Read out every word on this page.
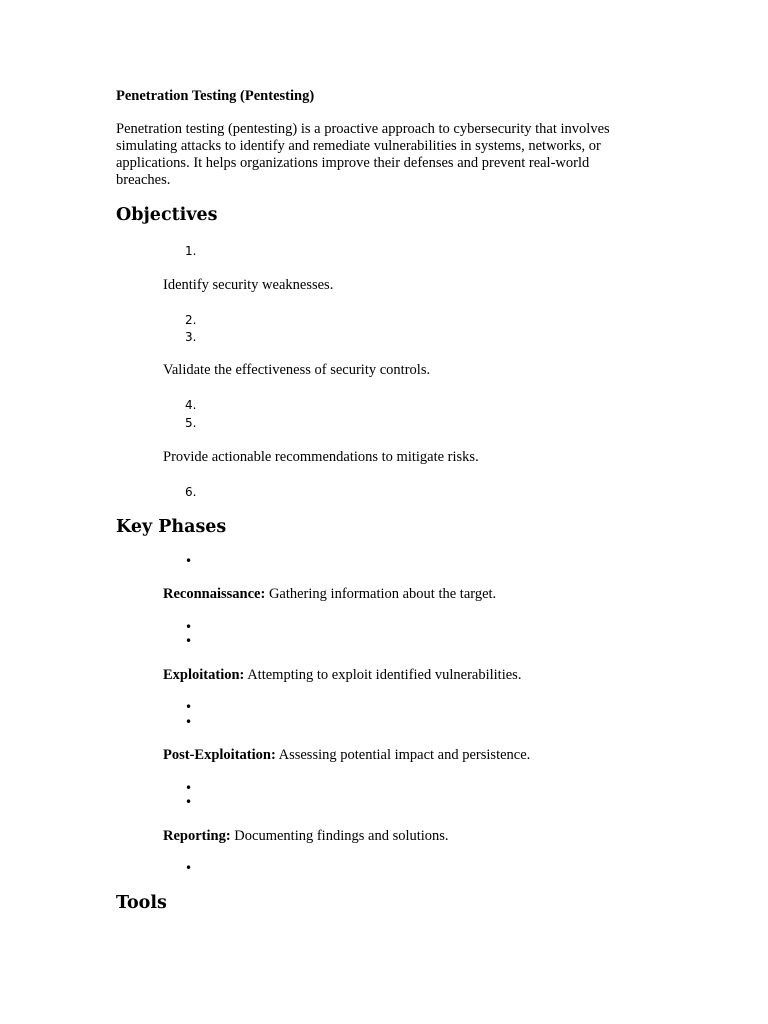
Penetration Testing (Pentesting)

Penetration testing (pentesting) is a proactive approach to cybersecurity that involves
simulating attacks to identify and remediate vulnerabilities in systems, networks, or
applications. It helps organizations improve their defenses and prevent real-world
breaches.
Objectives
1.

Identify security weaknesses.

2.
3.

Validate the effectiveness of security controls.

4.
5.

Provide actionable recommendations to mitigate risks.

6.
Key Phases
•

Reconnaissance: Gathering information about the target.

•
•

Exploitation: Attempting to exploit identified vulnerabilities.

•
•

Post-Exploitation: Assessing potential impact and persistence.

•
•

Reporting: Documenting findings and solutions.

•
Tools
